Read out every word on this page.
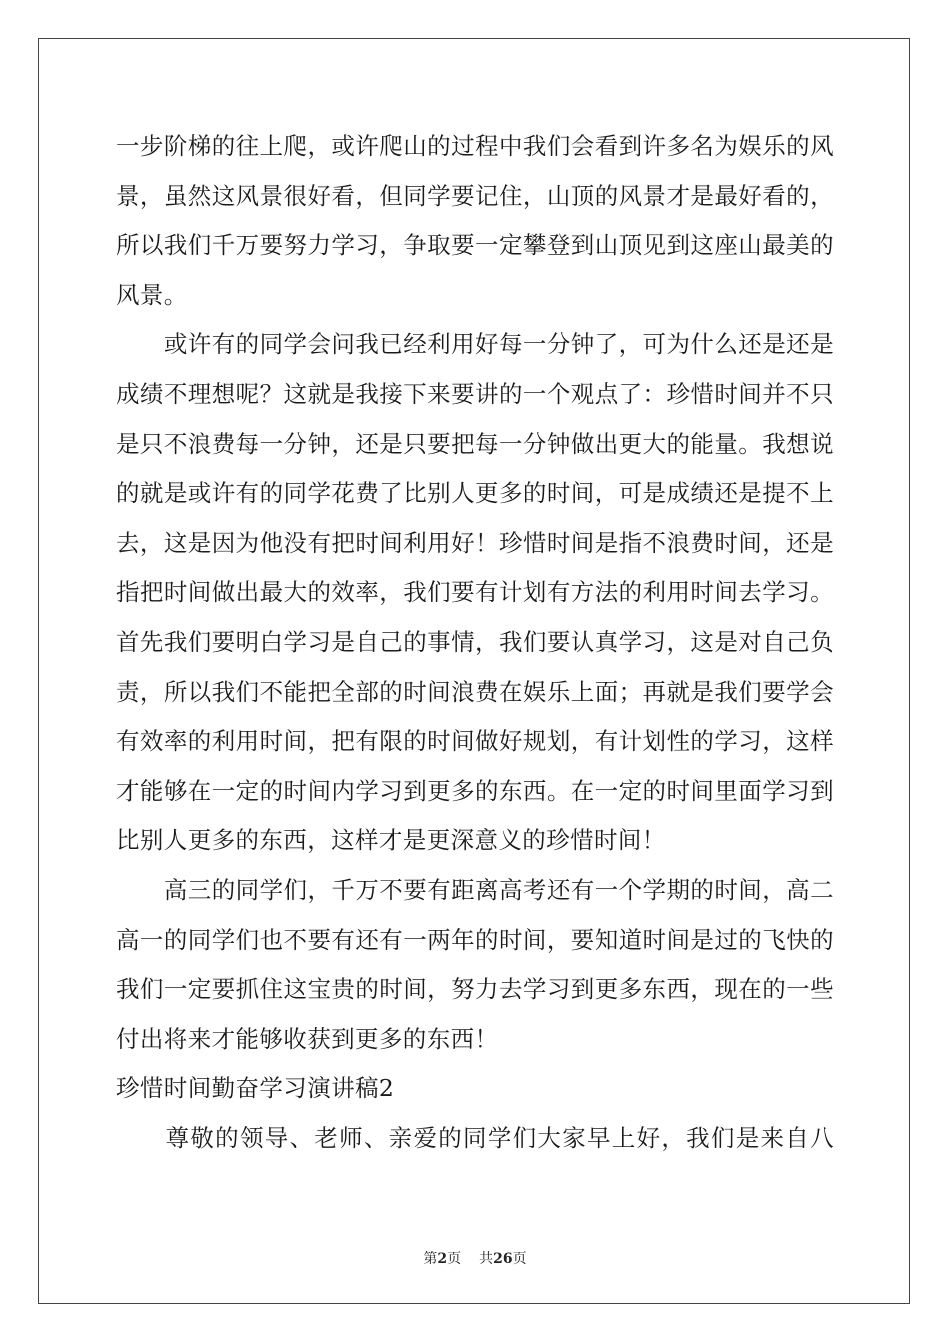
一步阶梯的往上爬，或许爬山的过程中我们会看到许多名为娱乐的风
景，虽然这风景很好看，但同学要记住，山顶的风景才是最好看的，
所以我们千万要努力学习，争取要一定攀登到山顶见到这座山最美的
风景。
　　或许有的同学会问我已经利用好每一分钟了，可为什么还是还是
成绩不理想呢？这就是我接下来要讲的一个观点了：珍惜时间并不只
是只不浪费每一分钟，还是只要把每一分钟做出更大的能量。我想说
的就是或许有的同学花费了比别人更多的时间，可是成绩还是提不上
去，这是因为他没有把时间利用好！珍惜时间是指不浪费时间，还是
指把时间做出最大的效率，我们要有计划有方法的利用时间去学习。
首先我们要明白学习是自己的事情，我们要认真学习，这是对自己负
责，所以我们不能把全部的时间浪费在娱乐上面；再就是我们要学会
有效率的利用时间，把有限的时间做好规划，有计划性的学习，这样
才能够在一定的时间内学习到更多的东西。在一定的时间里面学习到
比别人更多的东西，这样才是更深意义的珍惜时间！
　　高三的同学们，千万不要有距离高考还有一个学期的时间，高二
高一的同学们也不要有还有一两年的时间，要知道时间是过的飞快的
我们一定要抓住这宝贵的时间，努力去学习到更多东西，现在的一些
付出将来才能够收获到更多的东西！
珍惜时间勤奋学习演讲稿2
　　尊敬的领导、老师、亲爱的同学们大家早上好，我们是来自八
第2页 共26页
